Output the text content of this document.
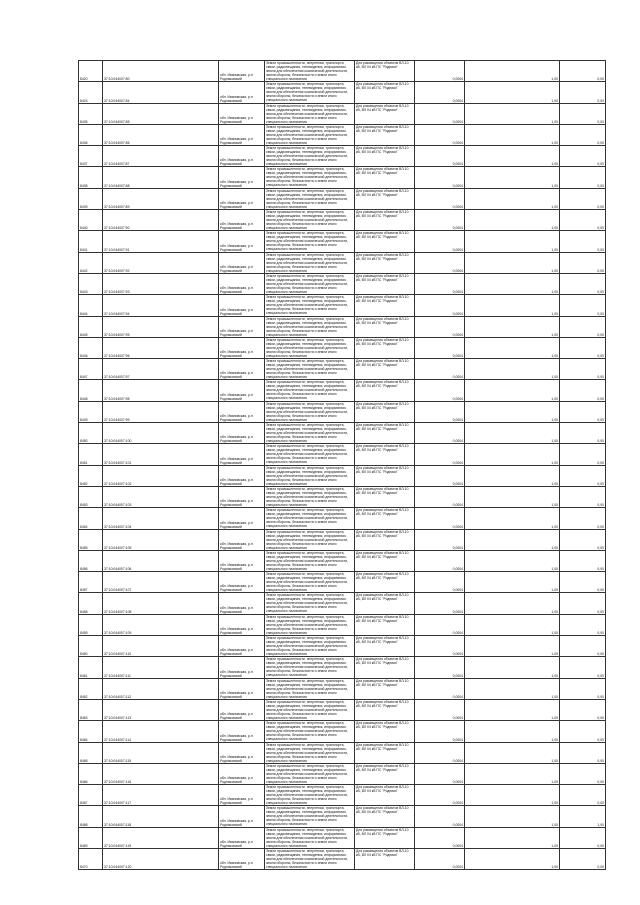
8420	37:10:044007:80	обл. Ивановская, р-н Родниковский	Земли промышленности, энергетики, транспорта, связи, радиовещания, телевидения, информатики, земли для обеспечения космической деятельности, земли обороны, безопасности и земли иного специального назначения	Для размещения объектов ВЛ-10 кВ, ВЛ 04 кВ ПС "Родники"	0,0004	1,00	0,00
8424	37:10:044007:84	обл. Ивановская, р-н Родниковский	Земли промышленности, энергетики, транспорта, связи, радиовещания, телевидения, информатики, земли для обеспечения космической деятельности, земли обороны, безопасности и земли иного специального назначения	Для размещения объектов ВЛ-10 кВ, ВЛ 04 кВ ПС "Родники"	0,0004	1,00	0,00
8435	37:10:044007:85	обл. Ивановская, р-н Родниковский	Земли промышленности, энергетики, транспорта, связи, радиовещания, телевидения, информатики, земли для обеспечения космической деятельности, земли обороны, безопасности и земли иного специального назначения	Для размещения объектов ВЛ-10 кВ, ВЛ 04 кВ ПС "Родники"	0,0004	1,00	0,00
8436	37:10:044007:86	обл. Ивановская, р-н Родниковский	Земли промышленности, энергетики, транспорта, связи, радиовещания, телевидения, информатики, земли для обеспечения космической деятельности, земли обороны, безопасности и земли иного специального назначения	Для размещения объектов ВЛ-10 кВ, ВЛ 04 кВ ПС "Родники"	0,0004	1,00	0,00
8437	37:10:044007:87	обл. Ивановская, р-н Родниковский	Земли промышленности, энергетики, транспорта, связи, радиовещания, телевидения, информатики, земли для обеспечения космической деятельности, земли обороны, безопасности и земли иного специального назначения	Для размещения объектов ВЛ-10 кВ, ВЛ 04 кВ ПС "Родники"	0,0004	1,00	0,00
8438	37:10:044007:88	обл. Ивановская, р-н Родниковский	Земли промышленности, энергетики, транспорта, связи, радиовещания, телевидения, информатики, земли для обеспечения космической деятельности, земли обороны, безопасности и земли иного специального назначения	Для размещения объектов ВЛ-10 кВ, ВЛ 04 кВ ПС "Родники"	0,0004	1,00	0,00
8439	37:10:044007:89	обл. Ивановская, р-н Родниковский	Земли промышленности, энергетики, транспорта, связи, радиовещания, телевидения, информатики, земли для обеспечения космической деятельности, земли обороны, безопасности и земли иного специального назначения	Для размещения объектов ВЛ-10 кВ, ВЛ 04 кВ ПС "Родники"	0,0004	1,00	0,00
8440	37:10:044007:90	обл. Ивановская, р-н Родниковский	Земли промышленности, энергетики, транспорта, связи, радиовещания, телевидения, информатики, земли для обеспечения космической деятельности, земли обороны, безопасности и земли иного специального назначения	Для размещения объектов ВЛ-10 кВ, ВЛ 04 кВ ПС "Родники"	0,0004	1,00	0,00
8441	37:10:044007:91	обл. Ивановская, р-н Родниковский	Земли промышленности, энергетики, транспорта, связи, радиовещания, телевидения, информатики, земли для обеспечения космической деятельности, земли обороны, безопасности и земли иного специального назначения	Для размещения объектов ВЛ-10 кВ, ВЛ 04 кВ ПС "Родники"	0,0004	1,00	0,00
8442	37:10:044007:92	обл. Ивановская, р-н Родниковский	Земли промышленности, энергетики, транспорта, связи, радиовещания, телевидения, информатики, земли для обеспечения космической деятельности, земли обороны, безопасности и земли иного специального назначения	Для размещения объектов ВЛ-10 кВ, ВЛ 04 кВ ПС "Родники"	0,0004	1,00	0,00
8443	37:10:044007:93	обл. Ивановская, р-н Родниковский	Земли промышленности, энергетики, транспорта, связи, радиовещания, телевидения, информатики, земли для обеспечения космической деятельности, земли обороны, безопасности и земли иного специального назначения	Для размещения объектов ВЛ-10 кВ, ВЛ 04 кВ ПС "Родники"	0,0004	1,00	0,00
8444	37:10:044007:94	обл. Ивановская, р-н Родниковский	Земли промышленности, энергетики, транспорта, связи, радиовещания, телевидения, информатики, земли для обеспечения космической деятельности, земли обороны, безопасности и земли иного специального назначения	Для размещения объектов ВЛ-10 кВ, ВЛ 04 кВ ПС "Родники"	0,0004	1,00	0,00
8445	37:10:044007:95	обл. Ивановская, р-н Родниковский	Земли промышленности, энергетики, транспорта, связи, радиовещания, телевидения, информатики, земли для обеспечения космической деятельности, земли обороны, безопасности и земли иного специального назначения	Для размещения объектов ВЛ-10 кВ, ВЛ 04 кВ ПС "Родники"	0,0004	1,00	0,00
8446	37:10:044007:96	обл. Ивановская, р-н Родниковский	Земли промышленности, энергетики, транспорта, связи, радиовещания, телевидения, информатики, земли для обеспечения космической деятельности, земли обороны, безопасности и земли иного специального назначения	Для размещения объектов ВЛ-10 кВ, ВЛ 04 кВ ПС "Родники"	0,0004	1,00	0,00
8447	37:10:044007:97	обл. Ивановская, р-н Родниковский	Земли промышленности, энергетики, транспорта, связи, радиовещания, телевидения, информатики, земли для обеспечения космической деятельности, земли обороны, безопасности и земли иного специального назначения	Для размещения объектов ВЛ-10 кВ, ВЛ 04 кВ ПС "Родники"	0,0004	1,00	0,00
8448	37:10:044007:98	обл. Ивановская, р-н Родниковский	Земли промышленности, энергетики, транспорта, связи, радиовещания, телевидения, информатики, земли для обеспечения космической деятельности, земли обороны, безопасности и земли иного специального назначения	Для размещения объектов ВЛ-10 кВ, ВЛ 04 кВ ПС "Родники"	0,0004	1,00	0,00
8449	37:10:044007:99	обл. Ивановская, р-н Родниковский	Земли промышленности, энергетики, транспорта, связи, радиовещания, телевидения, информатики, земли для обеспечения космической деятельности, земли обороны, безопасности и земли иного специального назначения	Для размещения объектов ВЛ-10 кВ, ВЛ 04 кВ ПС "Родники"	0,0004	1,00	0,00
8450	37:10:044007:100	обл. Ивановская, р-н Родниковский	Земли промышленности, энергетики, транспорта, связи, радиовещания, телевидения, информатики, земли для обеспечения космической деятельности, земли обороны, безопасности и земли иного специального назначения	Для размещения объектов ВЛ-10 кВ, ВЛ 04 кВ ПС "Родники"	0,0004	1,00	0,00
8451	37:10:044007:101	обл. Ивановская, р-н Родниковский	Земли промышленности, энергетики, транспорта, связи, радиовещания, телевидения, информатики, земли для обеспечения космической деятельности, земли обороны, безопасности и земли иного специального назначения	Для размещения объектов ВЛ-10 кВ, ВЛ 04 кВ ПС "Родники"	0,0004	1,00	0,00
8452	37:10:044007:102	обл. Ивановская, р-н Родниковский	Земли промышленности, энергетики, транспорта, связи, радиовещания, телевидения, информатики, земли для обеспечения космической деятельности, земли обороны, безопасности и земли иного специального назначения	Для размещения объектов ВЛ-10 кВ, ВЛ 04 кВ ПС "Родники"	0,0004	1,00	0,00
8453	37:10:044007:103	обл. Ивановская, р-н Родниковский	Земли промышленности, энергетики, транспорта, связи, радиовещания, телевидения, информатики, земли для обеспечения космической деятельности, земли обороны, безопасности и земли иного специального назначения	Для размещения объектов ВЛ-10 кВ, ВЛ 04 кВ ПС "Родники"	0,0004	1,00	0,00
8454	37:10:044007:104	обл. Ивановская, р-н Родниковский	Земли промышленности, энергетики, транспорта, связи, радиовещания, телевидения, информатики, земли для обеспечения космической деятельности, земли обороны, безопасности и земли иного специального назначения	Для размещения объектов ВЛ-10 кВ, ВЛ 04 кВ ПС "Родники"	0,0004	1,00	0,00
8455	37:10:044007:105	обл. Ивановская, р-н Родниковский	Земли промышленности, энергетики, транспорта, связи, радиовещания, телевидения, информатики, земли для обеспечения космической деятельности, земли обороны, безопасности и земли иного специального назначения	Для размещения объектов ВЛ-10 кВ, ВЛ 04 кВ ПС "Родники"	0,0004	1,00	0,00
8456	37:10:044007:106	обл. Ивановская, р-н Родниковский	Земли промышленности, энергетики, транспорта, связи, радиовещания, телевидения, информатики, земли для обеспечения космической деятельности, земли обороны, безопасности и земли иного специального назначения	Для размещения объектов ВЛ-10 кВ, ВЛ 04 кВ ПС "Родники"	0,0004	1,00	0,00
8457	37:10:044007:107	обл. Ивановская, р-н Родниковский	Земли промышленности, энергетики, транспорта, связи, радиовещания, телевидения, информатики, земли для обеспечения космической деятельности, земли обороны, безопасности и земли иного специального назначения	Для размещения объектов ВЛ-10 кВ, ВЛ 04 кВ ПС "Родники"	0,0004	1,00	0,00
8458	37:10:044007:108	обл. Ивановская, р-н Родниковский	Земли промышленности, энергетики, транспорта, связи, радиовещания, телевидения, информатики, земли для обеспечения космической деятельности, земли обороны, безопасности и земли иного специального назначения	Для размещения объектов ВЛ-10 кВ, ВЛ 04 кВ ПС "Родники"	0,0004	1,00	0,00
8459	37:10:044007:109	обл. Ивановская, р-н Родниковский	Земли промышленности, энергетики, транспорта, связи, радиовещания, телевидения, информатики, земли для обеспечения космической деятельности, земли обороны, безопасности и земли иного специального назначения	Для размещения объектов ВЛ-10 кВ, ВЛ 04 кВ ПС "Родники"	0,0004	1,00	0,00
8460	37:10:044007:110	обл. Ивановская, р-н Родниковский	Земли промышленности, энергетики, транспорта, связи, радиовещания, телевидения, информатики, земли для обеспечения космической деятельности, земли обороны, безопасности и земли иного специального назначения	Для размещения объектов ВЛ-10 кВ, ВЛ 04 кВ ПС "Родники"	0,0004	1,00	0,00
8461	37:10:044007:111	обл. Ивановская, р-н Родниковский	Земли промышленности, энергетики, транспорта, связи, радиовещания, телевидения, информатики, земли для обеспечения космической деятельности, земли обороны, безопасности и земли иного специального назначения	Для размещения объектов ВЛ-10 кВ, ВЛ 04 кВ ПС "Родники"	0,0004	1,00	0,00
8462	37:10:044007:112	обл. Ивановская, р-н Родниковский	Земли промышленности, энергетики, транспорта, связи, радиовещания, телевидения, информатики, земли для обеспечения космической деятельности, земли обороны, безопасности и земли иного специального назначения	Для размещения объектов ВЛ-10 кВ, ВЛ 04 кВ ПС "Родники"	0,0004	1,00	0,00
8463	37:10:044007:113	обл. Ивановская, р-н Родниковский	Земли промышленности, энергетики, транспорта, связи, радиовещания, телевидения, информатики, земли для обеспечения космической деятельности, земли обороны, безопасности и земли иного специального назначения	Для размещения объектов ВЛ-10 кВ, ВЛ 04 кВ ПС "Родники"	0,0004	1,00	0,00
8464	37:10:044007:114	обл. Ивановская, р-н Родниковский	Земли промышленности, энергетики, транспорта, связи, радиовещания, телевидения, информатики, земли для обеспечения космической деятельности, земли обороны, безопасности и земли иного специального назначения	Для размещения объектов ВЛ-10 кВ, ВЛ 04 кВ ПС "Родники"	0,0004	1,00	0,00
8465	37:10:044007:115	обл. Ивановская, р-н Родниковский	Земли промышленности, энергетики, транспорта, связи, радиовещания, телевидения, информатики, земли для обеспечения космической деятельности, земли обороны, безопасности и земли иного специального назначения	Для размещения объектов ВЛ-10 кВ, ВЛ 04 кВ ПС "Родники"	0,0004	1,00	0,00
8466	37:10:044007:116	обл. Ивановская, р-н Родниковский	Земли промышленности, энергетики, транспорта, связи, радиовещания, телевидения, информатики, земли для обеспечения космической деятельности, земли обороны, безопасности и земли иного специального назначения	Для размещения объектов ВЛ-10 кВ, ВЛ 04 кВ ПС "Родники"	0,0004	1,00	0,00
8467	37:10:044007:117	обл. Ивановская, р-н Родниковский	Земли промышленности, энергетики, транспорта, связи, радиовещания, телевидения, информатики, земли для обеспечения космической деятельности, земли обороны, безопасности и земли иного специального назначения	Для размещения объектов ВЛ-10 кВ, ВЛ 04 кВ ПС "Родники"	0,0004	1,00	0,00
8468	37:10:044007:118	обл. Ивановская, р-н Родниковский	Земли промышленности, энергетики, транспорта, связи, радиовещания, телевидения, информатики, земли для обеспечения космической деятельности, земли обороны, безопасности и земли иного специального назначения	Для размещения объектов ВЛ-10 кВ, ВЛ 04 кВ ПС "Родники"	0,0004	1,00	1,00
8469	37:10:044007:119	обл. Ивановская, р-н Родниковский	Земли промышленности, энергетики, транспорта, связи, радиовещания, телевидения, информатики, земли для обеспечения космической деятельности, земли обороны, безопасности и земли иного специального назначения	Для размещения объектов ВЛ-10 кВ, ВЛ 04 кВ ПС "Родники"	0,0004	1,00	0,00
8470	37:10:044007:120	обл. Ивановская, р-н Родниковский	Земли промышленности, энергетики, транспорта, связи, радиовещания, телевидения, информатики, земли для обеспечения космической деятельности, земли обороны, безопасности и земли иного специального назначения	Для размещения объектов ВЛ-10 кВ, ВЛ 04 кВ ПС "Родники"	0,0004	1,00	0,00
